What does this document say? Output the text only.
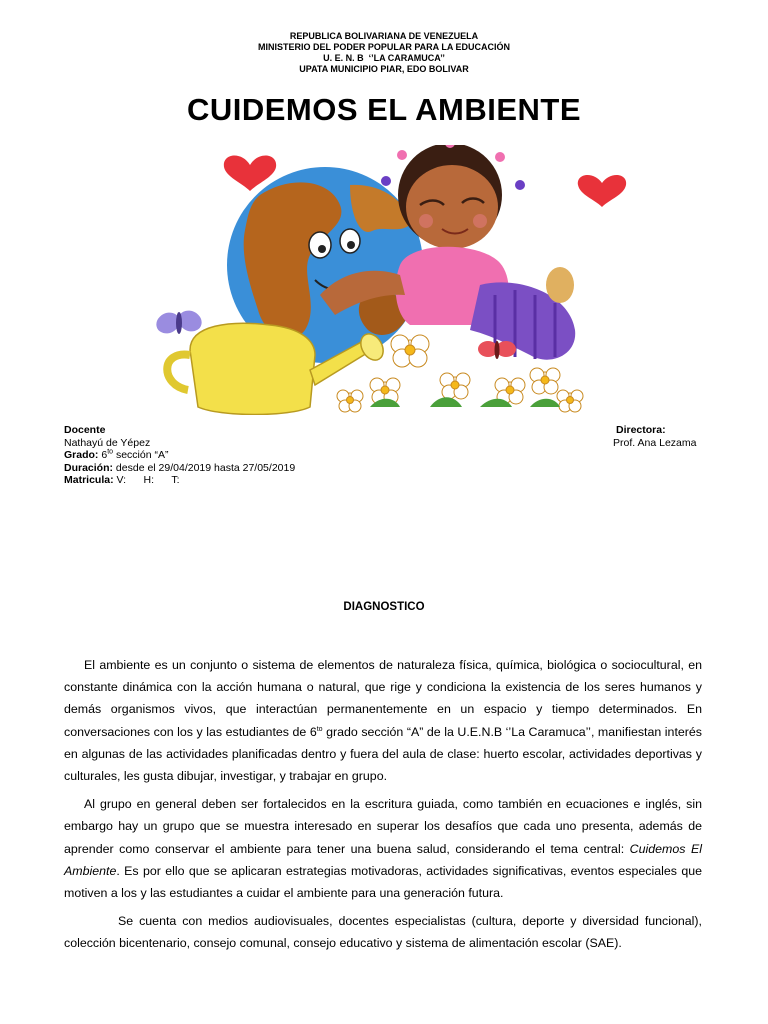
REPUBLICA BOLIVARIANA DE VENEZUELA
MINISTERIO DEL PODER POPULAR PARA LA EDUCACIÓN
U. E. N. B  ‘’LA CARAMUCA’’
UPATA MUNICIPIO PIAR, EDO BOLIVAR
CUIDEMOS EL AMBIENTE
Docente
Nathayú de Yépez
Grado: $6^{to}$ sección “A”
Duración: desde el 29/04/2019 hasta 27/05/2019
Matricula: V:      H:      T:
Directora:
Prof. Ana Lezama
DIAGNOSTICO

El ambiente es un conjunto o sistema de elementos de naturaleza física, química, biológica o sociocultural, en constante dinámica con la acción humana o natural, que rige y condiciona la existencia de los seres humanos y demás organismos vivos, que interactúan permanentemente en un espacio y tiempo determinados. En conversaciones con los y las estudiantes de $6^{to}$ grado sección “A” de la U.E.N.B ‘’La Caramuca’’, manifiestan interés en algunas de las actividades planificadas dentro y fuera del aula de clase: huerto escolar, actividades deportivas y culturales, les gusta dibujar, investigar, y trabajar en grupo.

Al grupo en general deben ser fortalecidos en la escritura guiada, como también en ecuaciones e inglés, sin embargo hay un grupo que se muestra interesado en superar los desafíos que cada uno presenta, además de aprender como conservar el ambiente para tener una buena salud, considerando el tema central: Cuidemos El Ambiente. Es por ello que se aplicaran estrategias motivadoras, actividades significativas, eventos especiales que motiven a los y las estudiantes a cuidar el ambiente para una generación futura.

Se cuenta con medios audiovisuales, docentes especialistas (cultura, deporte y diversidad funcional), colección bicentenario, consejo comunal, consejo educativo y sistema de alimentación escolar (SAE).
